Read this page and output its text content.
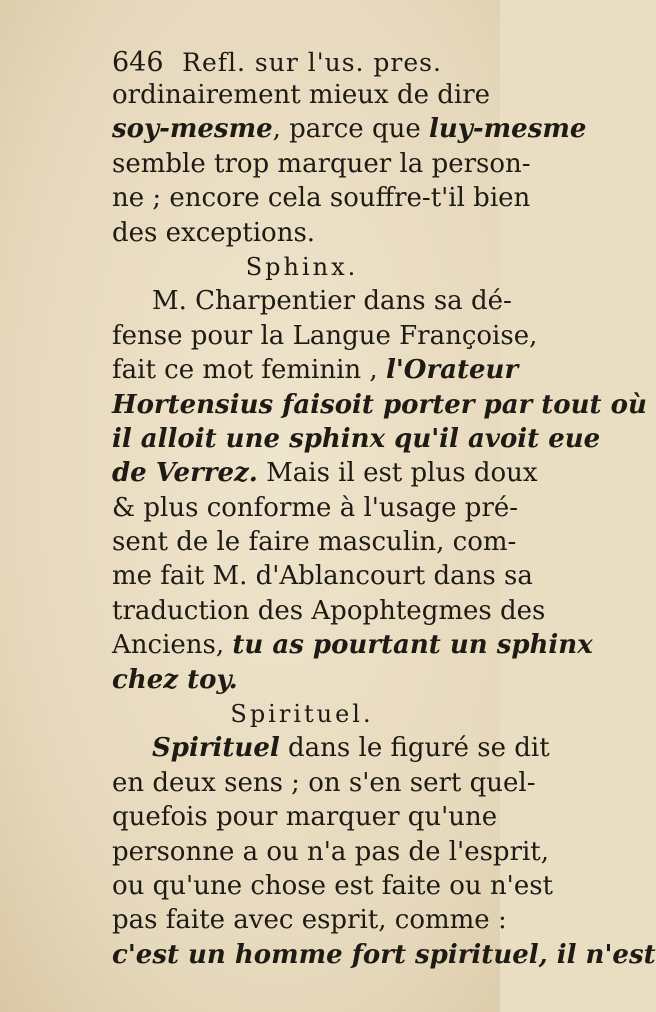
646 Refl. sur l'us. pres.
ordinairement mieux de dire
soy-mesme, parce que luy-mesme
semble trop marquer la person-
ne ; encore cela souffre-t'il bien
des exceptions.
Sphinx.
M. Charpentier dans sa dé-
fense pour la Langue Françoise,
fait ce mot feminin , l'Orateur
Hortensius faisoit porter par tout où
il alloit une sphinx qu'il avoit eue
de Verrez. Mais il est plus doux
& plus conforme à l'usage pré-
sent de le faire masculin, com-
me fait M. d'Ablancourt dans sa
traduction des Apophtegmes des
Anciens, tu as pourtant un sphinx
chez toy.
Spirituel.
Spirituel dans le figuré se dit
en deux sens ; on s'en sert quel-
quefois pour marquer qu'une
personne a ou n'a pas de l'esprit,
ou qu'une chose est faite ou n'est
pas faite avec esprit, comme :
c'est un homme fort spirituel, il n'est
